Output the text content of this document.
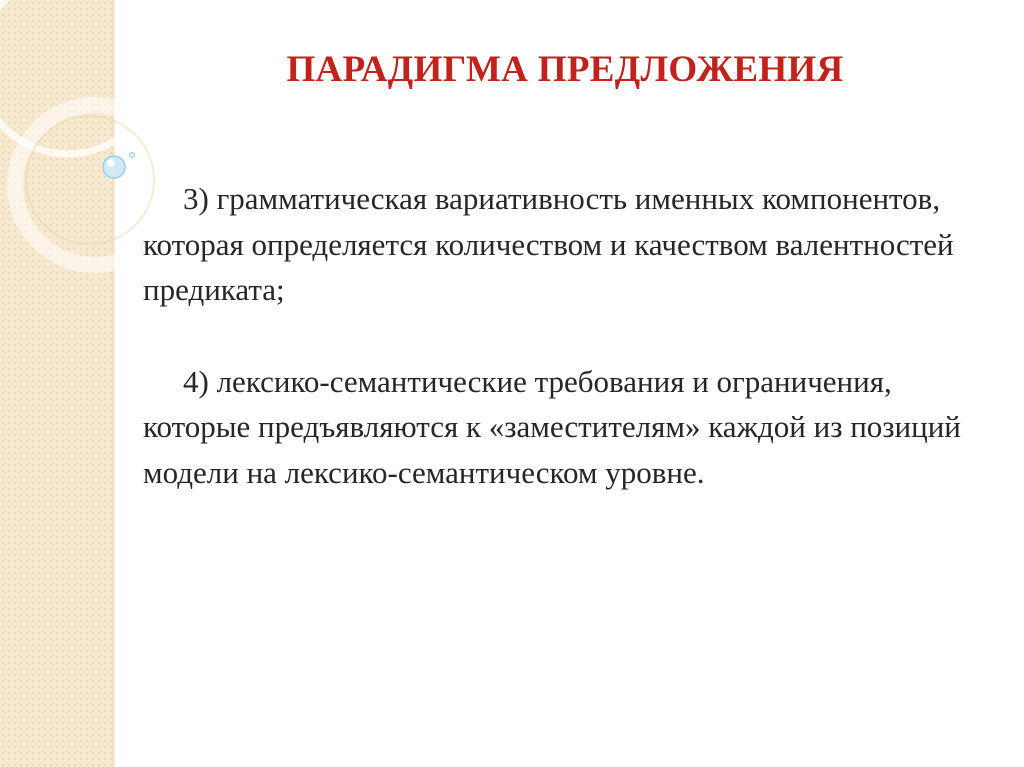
ПАРАДИГМА ПРЕДЛОЖЕНИЯ

3) грамматическая вариативность именных компонентов, которая определяется количеством и качеством валентностей предиката;

4) лексико-семантические требования и ограничения, которые предъявляются к «заместителям» каждой из позиций модели на лексико-семантическом уровне.
